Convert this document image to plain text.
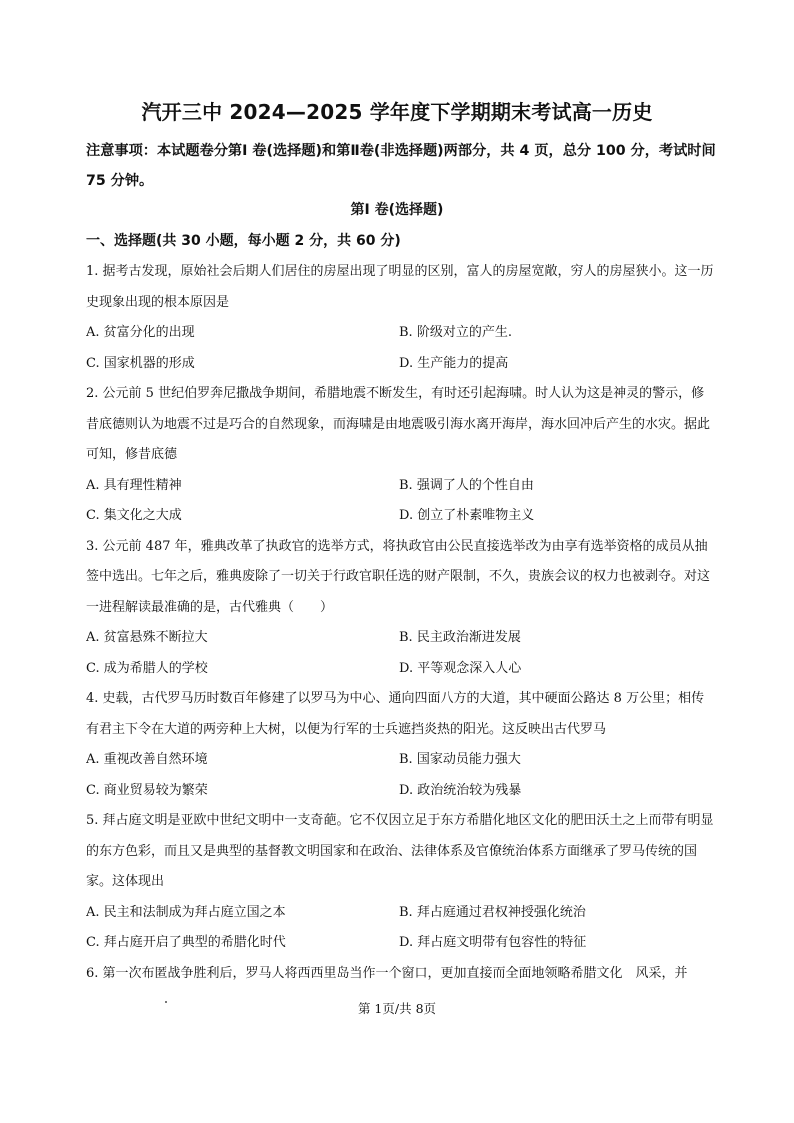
汽开三中 2024—2025 学年度下学期期末考试高一历史

注意事项：本试题卷分第Ⅰ 卷(选择题)和第Ⅱ卷(非选择题)两部分，共 4 页，总分 100 分，考试时间 75 分钟。

第Ⅰ 卷(选择题)

一、选择题(共 30 小题，每小题 2 分，共 60 分)

1. 据考古发现，原始社会后期人们居住的房屋出现了明显的区别，富人的房屋宽敞，穷人的房屋狭小。这一历史现象出现的根本原因是

A. 贫富分化的出现	B. 阶级对立的产生.
C. 国家机器的形成	D. 生产能力的提高

2. 公元前 5 世纪伯罗奔尼撒战争期间，希腊地震不断发生，有时还引起海啸。时人认为这是神灵的警示，修昔底德则认为地震不过是巧合的自然现象，而海啸是由地震吸引海水离开海岸，海水回冲后产生的水灾。据此可知，修昔底德

A. 具有理性精神	B. 强调了人的个性自由
C. 集文化之大成	D. 创立了朴素唯物主义

3. 公元前 487 年，雅典改革了执政官的选举方式，将执政官由公民直接选举改为由享有选举资格的成员从抽签中选出。七年之后，雅典废除了一切关于行政官职任选的财产限制，不久，贵族会议的权力也被剥夺。对这一进程解读最准确的是，古代雅典（　　）

A. 贫富悬殊不断拉大	B. 民主政治渐进发展
C. 成为希腊人的学校	D. 平等观念深入人心

4. 史载，古代罗马历时数百年修建了以罗马为中心、通向四面八方的大道，其中硬面公路达 8 万公里；相传有君主下令在大道的两旁种上大树，以便为行军的士兵遮挡炎热的阳光。这反映出古代罗马

A. 重视改善自然环境	B. 国家动员能力强大
C. 商业贸易较为繁荣	D. 政治统治较为残暴

5. 拜占庭文明是亚欧中世纪文明中一支奇葩。它不仅因立足于东方希腊化地区文化的肥田沃土之上而带有明显的东方色彩，而且又是典型的基督教文明国家和在政治、法律体系及官僚统治体系方面继承了罗马传统的国家。这体现出

A. 民主和法制成为拜占庭立国之本	B. 拜占庭通过君权神授强化统治
C. 拜占庭开启了典型的希腊化时代	D. 拜占庭文明带有包容性的特征

6. 第一次布匿战争胜利后，罗马人将西西里岛当作一个窗口，更加直接而全面地领略希腊文化　风采，并

第 1页/共 8页
